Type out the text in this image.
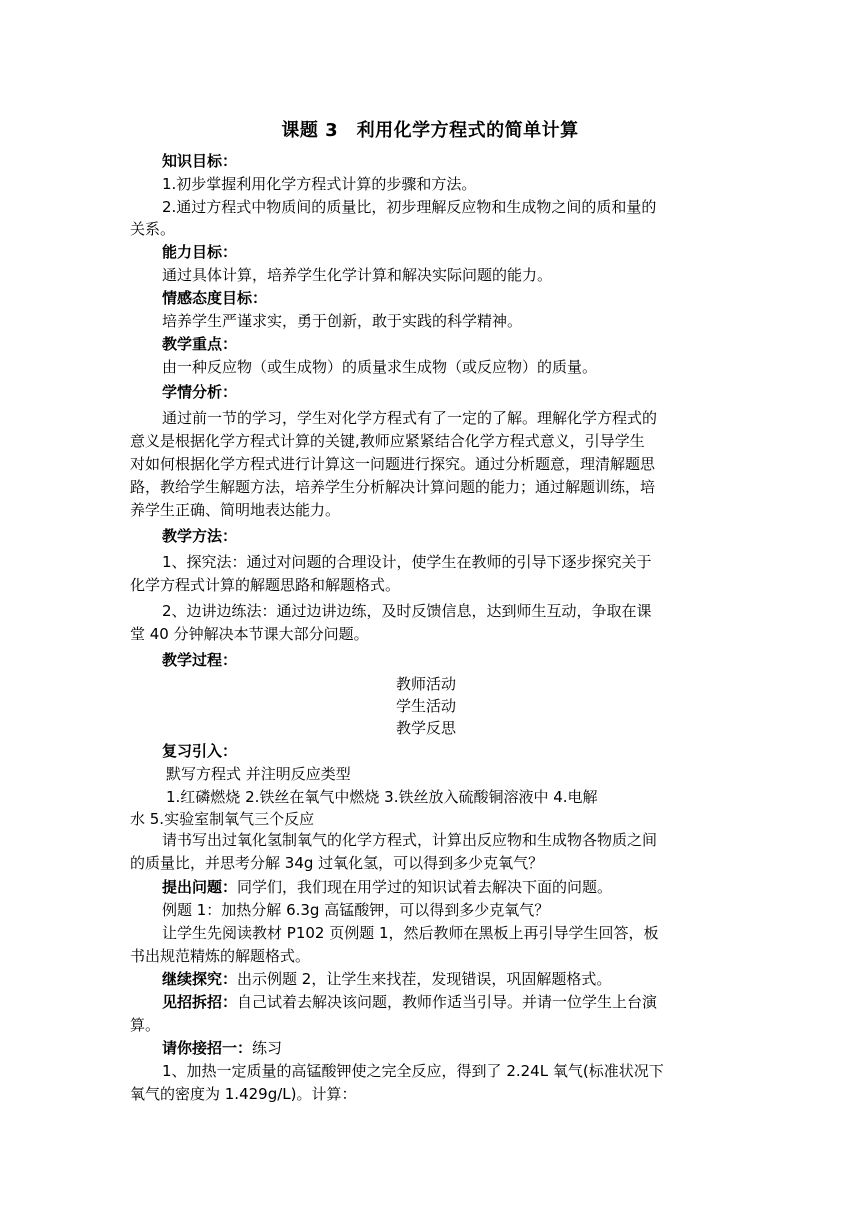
课题 3　利用化学方程式的简单计算
知识目标：
1.初步掌握利用化学方程式计算的步骤和方法。
2.通过方程式中物质间的质量比，初步理解反应物和生成物之间的质和量的
关系。
能力目标：
通过具体计算，培养学生化学计算和解决实际问题的能力。
情感态度目标：
培养学生严谨求实，勇于创新，敢于实践的科学精神。
教学重点：
由一种反应物（或生成物）的质量求生成物（或反应物）的质量。
学情分析：
通过前一节的学习，学生对化学方程式有了一定的了解。理解化学方程式的
意义是根据化学方程式计算的关键,教师应紧紧结合化学方程式意义，引导学生
对如何根据化学方程式进行计算这一问题进行探究。通过分析题意，理清解题思
路，教给学生解题方法，培养学生分析解决计算问题的能力；通过解题训练，培
养学生正确、简明地表达能力。
教学方法：
1、探究法：通过对问题的合理设计，使学生在教师的引导下逐步探究关于
化学方程式计算的解题思路和解题格式。
2、边讲边练法：通过边讲边练，及时反馈信息，达到师生互动，争取在课
堂 40 分钟解决本节课大部分问题。
教学过程：
教师活动
学生活动
教学反思
复习引入：
默写方程式 并注明反应类型
1.红磷燃烧 2.铁丝在氧气中燃烧 3.铁丝放入硫酸铜溶液中 4.电解
水 5.实验室制氧气三个反应
请书写出过氧化氢制氧气的化学方程式，计算出反应物和生成物各物质之间
的质量比，并思考分解 34g 过氧化氢，可以得到多少克氧气？
提出问题：同学们，我们现在用学过的知识试着去解决下面的问题。
例题 1：加热分解 6.3g 高锰酸钾，可以得到多少克氧气？
让学生先阅读教材 P102 页例题 1，然后教师在黑板上再引导学生回答，板
书出规范精炼的解题格式。
继续探究：出示例题 2，让学生来找茬，发现错误，巩固解题格式。
见招拆招：自己试着去解决该问题，教师作适当引导。并请一位学生上台演
算。
请你接招一：练习
1、加热一定质量的高锰酸钾使之完全反应，得到了 2.24L 氧气(标准状况下
氧气的密度为 1.429g/L)。计算：
